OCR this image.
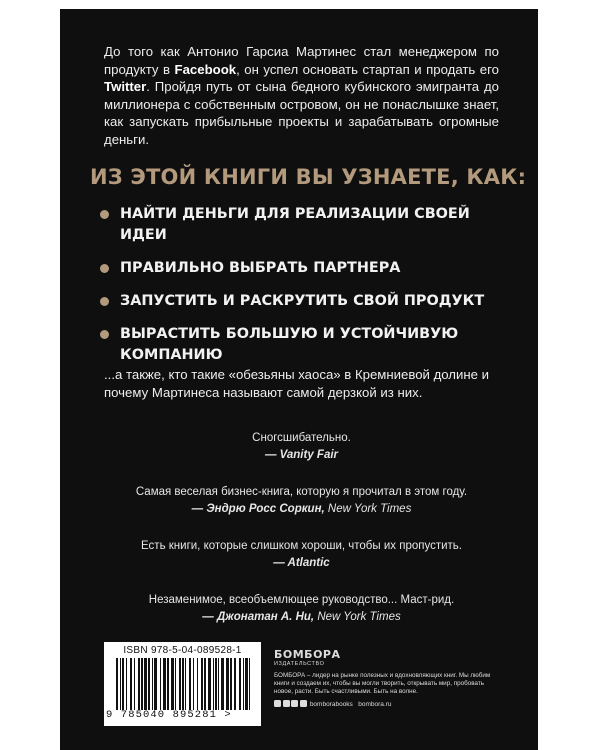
До того как Антонио Гарсиа Мартинес стал менеджером по продукту в Facebook, он успел основать стартап и продать его Twitter. Пройдя путь от сына бедного кубинского эмигранта до миллионера с собственным островом, он не понаслышке знает, как запускать прибыльные проекты и зарабатывать огромные деньги.

ИЗ ЭТОЙ КНИГИ ВЫ УЗНАЕТЕ, КАК:
НАЙТИ ДЕНЬГИ ДЛЯ РЕАЛИЗАЦИИ СВОЕЙ ИДЕИ
ПРАВИЛЬНО ВЫБРАТЬ ПАРТНЕРА
ЗАПУСТИТЬ И РАСКРУТИТЬ СВОЙ ПРОДУКТ
ВЫРАСТИТЬ БОЛЬШУЮ И УСТОЙЧИВУЮ КОМПАНИЮ

...а также, кто такие «обезьяны хаоса» в Кремниевой долине и почему Мартинеса называют самой дерзкой из них.

Сногсшибательно.
— Vanity Fair
Самая веселая бизнес-книга, которую я прочитал в этом году.
— Эндрю Росс Соркин, New York Times
Есть книги, которые слишком хороши, чтобы их пропустить.
— Atlantic
Незаменимое, всеобъемлющее руководство... Маст-рид.
— Джонатан А. Ни, New York Times
ISBN 978-5-04-089528-1
9 785040 895281 >
БОМБОРА
ИЗДАТЕЛЬСТВО
БОМБОРА – лидер на рынке полезных и вдохновляющих книг. Мы любим книги и создаем их, чтобы вы могли творить, открывать мир, пробовать новое, расти. Быть счастливыми. Быть на волне.
bomborabooks bombora.ru
